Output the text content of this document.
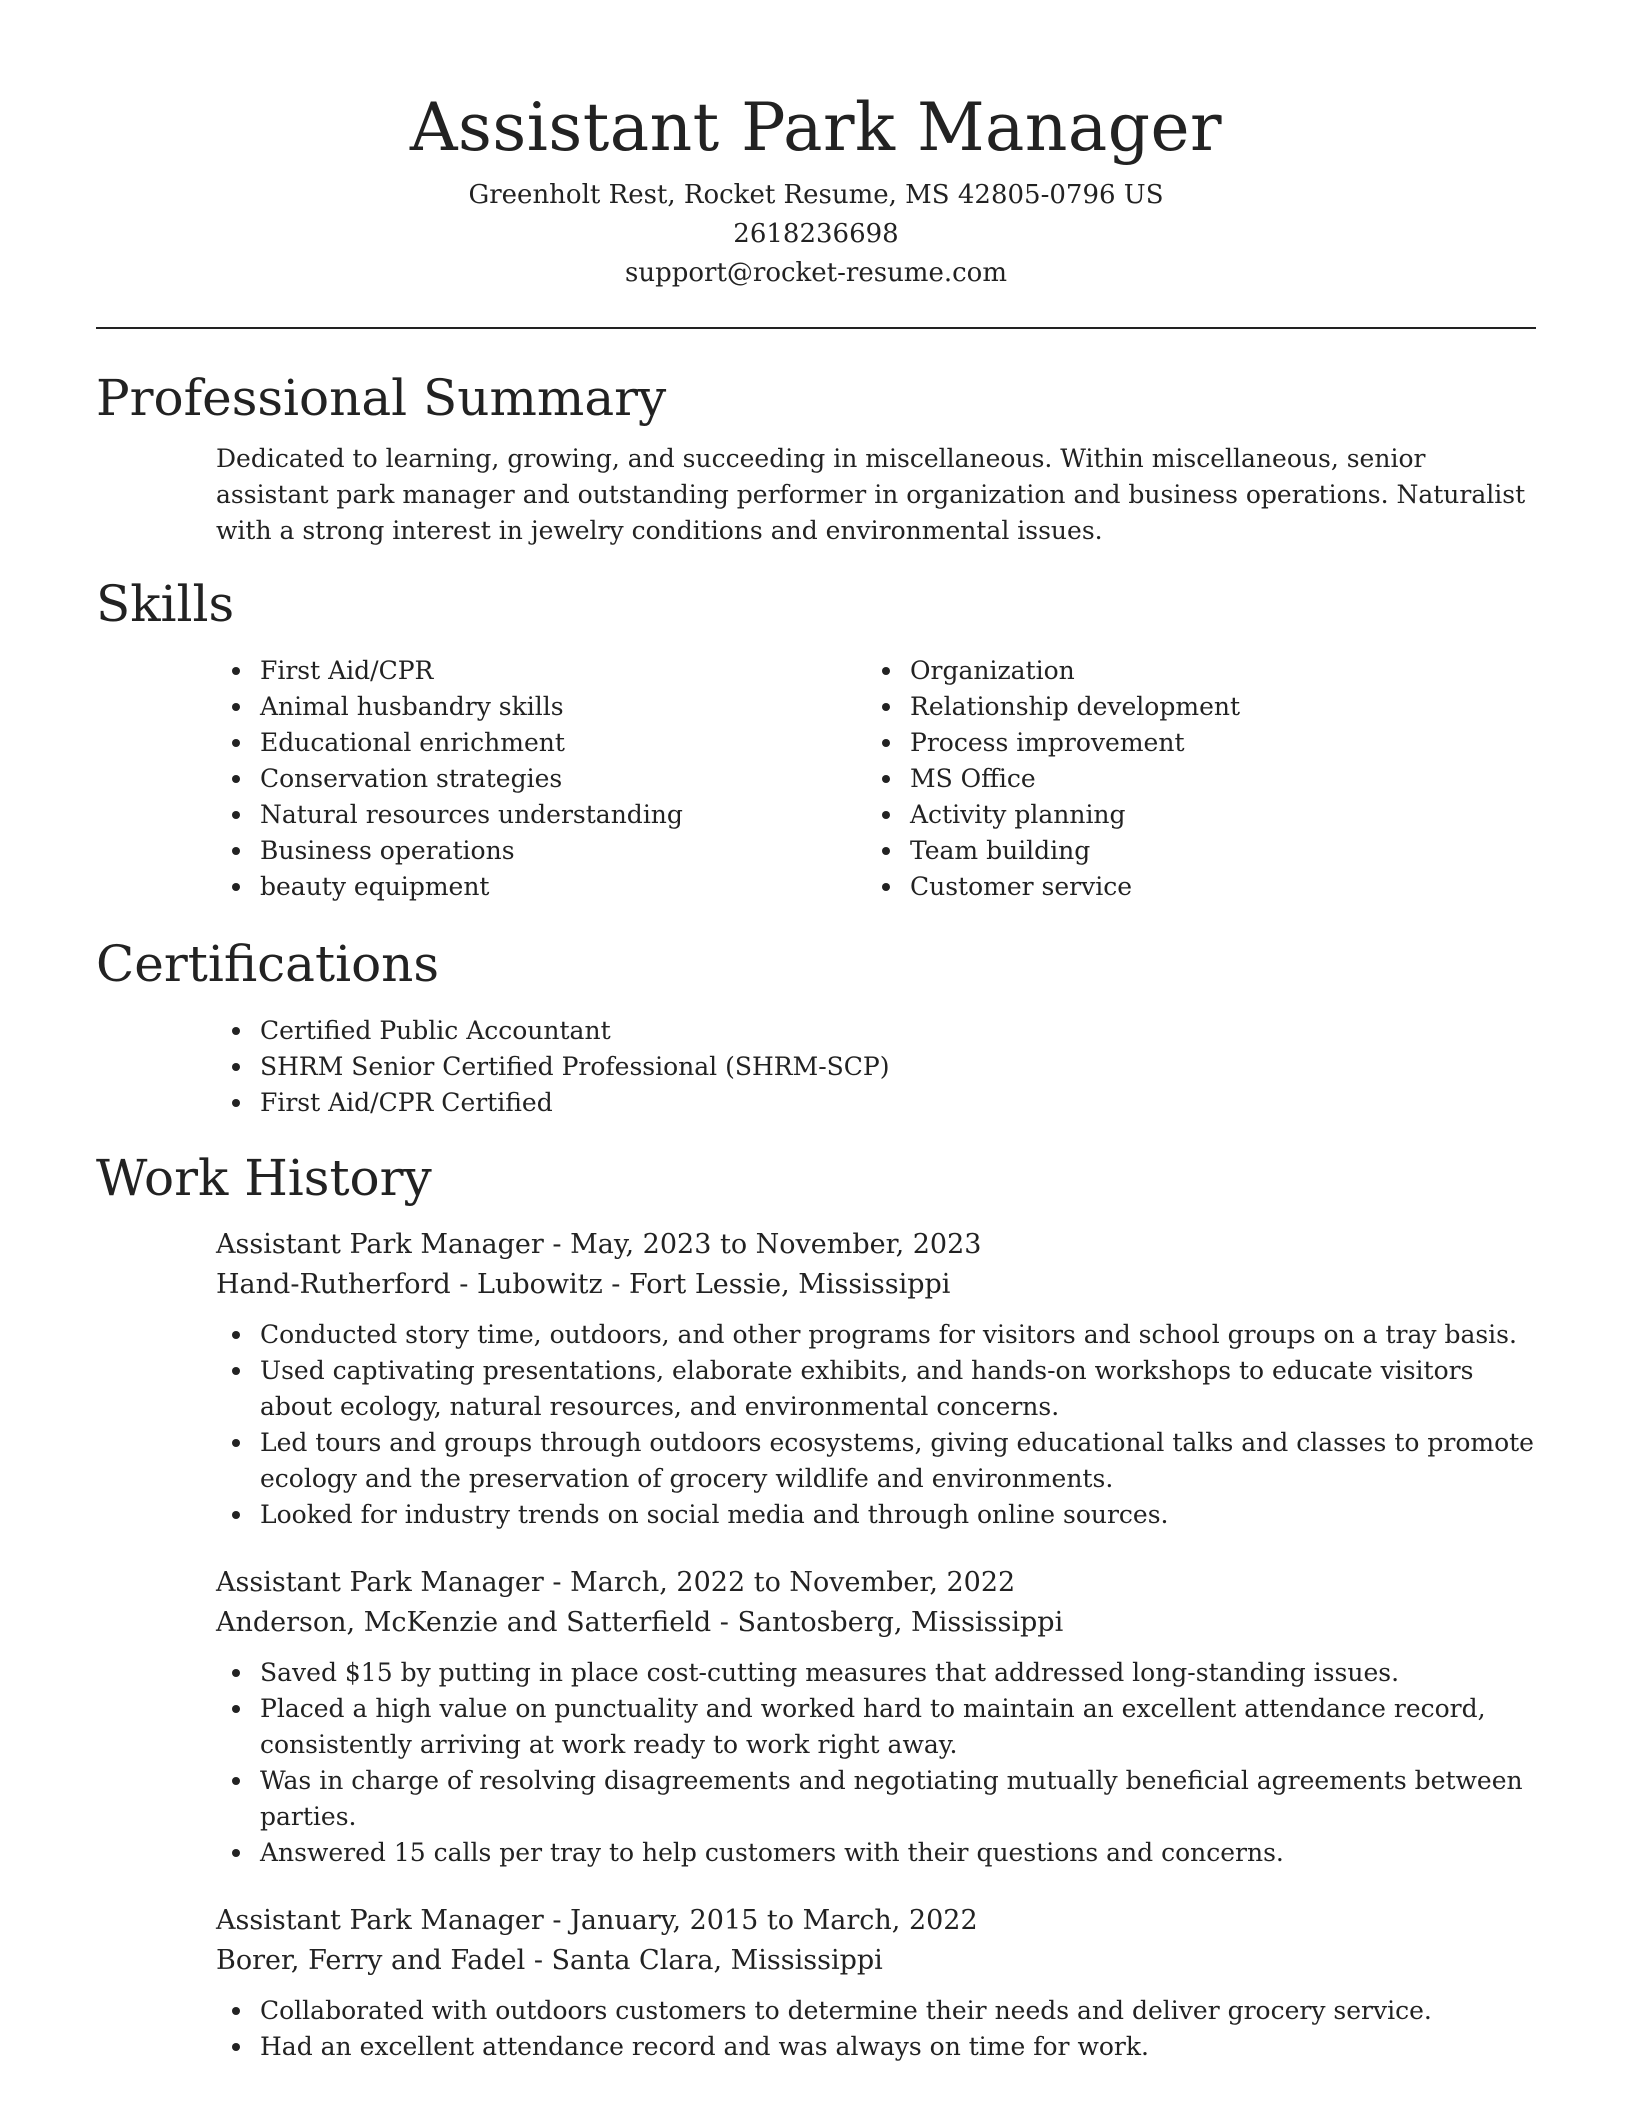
Assistant Park Manager
Greenholt Rest, Rocket Resume, MS 42805-0796 US
2618236698
support@rocket-resume.com
Professional Summary
Dedicated to learning, growing, and succeeding in miscellaneous. Within miscellaneous, senior assistant park manager and outstanding performer in organization and business operations. Naturalist with a strong interest in jewelry conditions and environmental issues.
Skills
First Aid/CPR
Animal husbandry skills
Educational enrichment
Conservation strategies
Natural resources understanding
Business operations
beauty equipment
Organization
Relationship development
Process improvement
MS Office
Activity planning
Team building
Customer service
Certifications
Certified Public Accountant
SHRM Senior Certified Professional (SHRM-SCP)
First Aid/CPR Certified
Work History
Assistant Park Manager - May, 2023 to November, 2023
Hand-Rutherford - Lubowitz - Fort Lessie, Mississippi
Conducted story time, outdoors, and other programs for visitors and school groups on a tray basis.
Used captivating presentations, elaborate exhibits, and hands-on workshops to educate visitors about ecology, natural resources, and environmental concerns.
Led tours and groups through outdoors ecosystems, giving educational talks and classes to promote ecology and the preservation of grocery wildlife and environments.
Looked for industry trends on social media and through online sources.
Assistant Park Manager - March, 2022 to November, 2022
Anderson, McKenzie and Satterfield - Santosberg, Mississippi
Saved $15 by putting in place cost-cutting measures that addressed long-standing issues.
Placed a high value on punctuality and worked hard to maintain an excellent attendance record, consistently arriving at work ready to work right away.
Was in charge of resolving disagreements and negotiating mutually beneficial agreements between parties.
Answered 15 calls per tray to help customers with their questions and concerns.
Assistant Park Manager - January, 2015 to March, 2022
Borer, Ferry and Fadel - Santa Clara, Mississippi
Collaborated with outdoors customers to determine their needs and deliver grocery service.
Had an excellent attendance record and was always on time for work.
